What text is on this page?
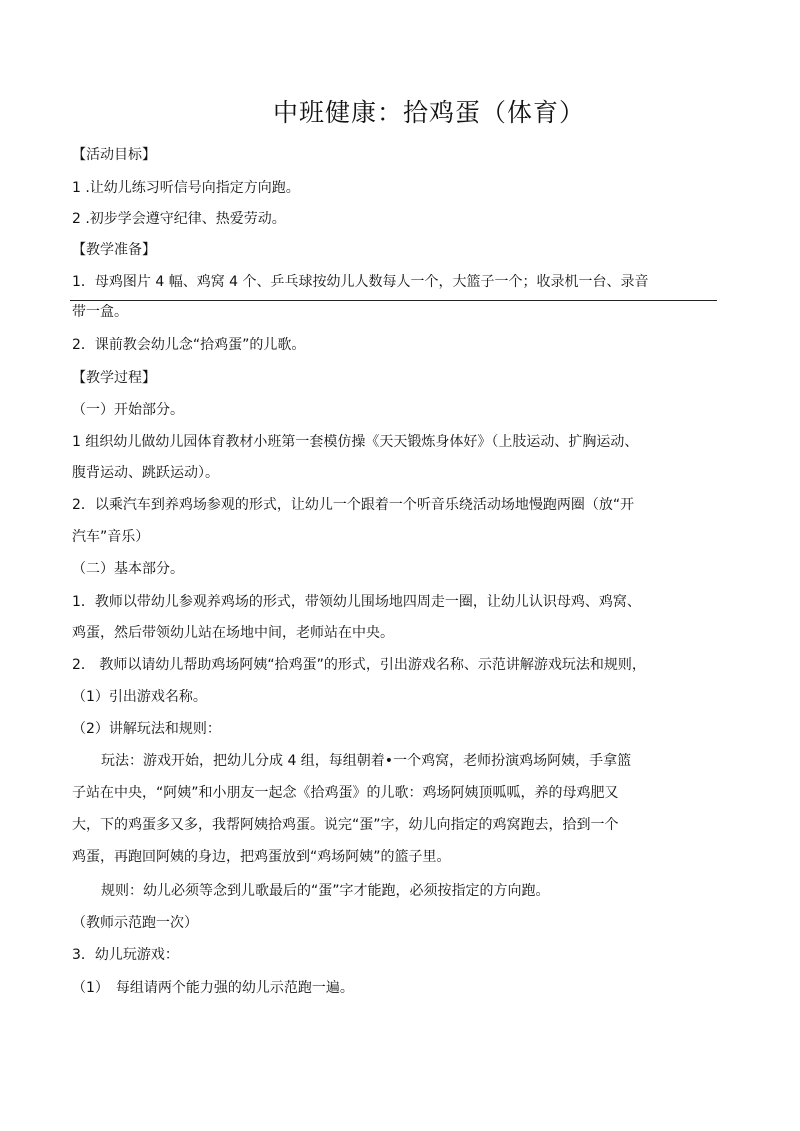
中班健康：拾鸡蛋（体育）
【活动目标】
1 .让幼儿练习听信号向指定方向跑。
2 .初步学会遵守纪律、热爱劳动。
【教学准备】
1．母鸡图片 4 幅、鸡窝 4 个、乒乓球按幼儿人数每人一个，大篮子一个；收录机一台、录音
带一盒。
2．课前教会幼儿念“拾鸡蛋”的儿歌。
【教学过程】
（一）开始部分。
1 组织幼儿做幼儿园体育教材小班第一套模仿操《天天锻炼身体好》（上肢运动、扩胸运动、
腹背运动、跳跃运动）。
2．以乘汽车到养鸡场参观的形式，让幼儿一个跟着一个听音乐绕活动场地慢跑两圈（放“开
汽车”音乐）
（二）基本部分。
1．教师以带幼儿参观养鸡场的形式，带领幼儿围场地四周走一圈，让幼儿认识母鸡、鸡窝、
鸡蛋，然后带领幼儿站在场地中间，老师站在中央。
2． 教师以请幼儿帮助鸡场阿姨“拾鸡蛋”的形式，引出游戏名称、示范讲解游戏玩法和规则，
（1）引出游戏名称。
（2）讲解玩法和规则：
玩法：游戏开始，把幼儿分成 4 组，每组朝着•一个鸡窝，老师扮演鸡场阿姨，手拿篮
子站在中央，“阿姨”和小朋友一起念《拾鸡蛋》的儿歌：鸡场阿姨顶呱呱，养的母鸡肥又
大，下的鸡蛋多又多，我帮阿姨拾鸡蛋。说完“蛋”字，幼儿向指定的鸡窝跑去，拾到一个
鸡蛋，再跑回阿姨的身边，把鸡蛋放到“鸡场阿姨”的篮子里。
规则：幼儿必须等念到儿歌最后的“蛋”字才能跑，必须按指定的方向跑。
（教师示范跑一次）
3．幼儿玩游戏：
（1）　每组请两个能力强的幼儿示范跑一遍。
